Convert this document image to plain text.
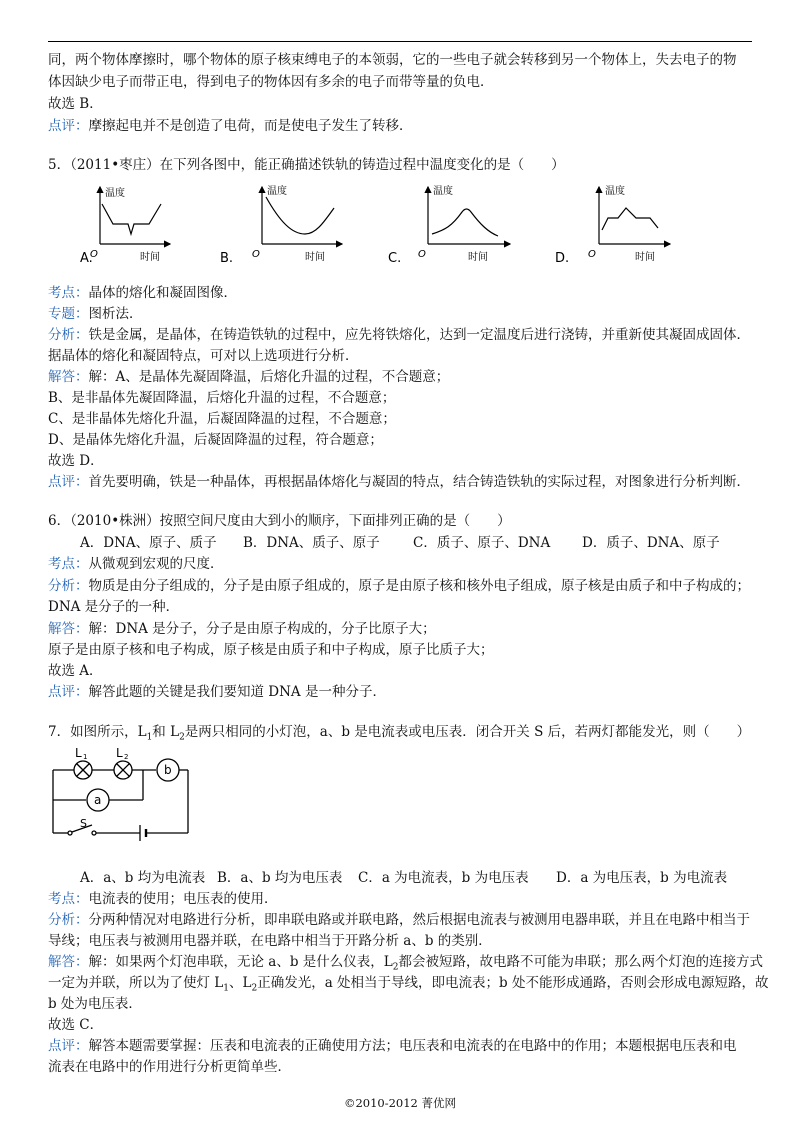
同，两个物体摩擦时，哪个物体的原子核束缚电子的本领弱，它的一些电子就会转移到另一个物体上，失去电子的物
体因缺少电子而带正电，得到电子的物体因有多余的电子而带等量的负电．
故选 B．
点评：摩擦起电并不是创造了电荷，而是使电子发生了转移．
5．（2011•枣庄）在下列各图中，能正确描述铁轨的铸造过程中温度变化的是（　　）
温度
O	时间
A.
温度
O	时间
B.
温度
O	时间
C.
温度
O	时间
D.
考点：晶体的熔化和凝固图像．
专题：图析法．
分析：铁是金属，是晶体，在铸造铁轨的过程中，应先将铁熔化，达到一定温度后进行浇铸，并重新使其凝固成固体．
据晶体的熔化和凝固特点，可对以上选项进行分析．
解答：解：A、是晶体先凝固降温，后熔化升温的过程，不合题意；
B、是非晶体先凝固降温，后熔化升温的过程，不合题意；
C、是非晶体先熔化升温，后凝固降温的过程，不合题意；
D、是晶体先熔化升温，后凝固降温的过程，符合题意；
故选 D．
点评：首先要明确，铁是一种晶体，再根据晶体熔化与凝固的特点，结合铸造铁轨的实际过程，对图象进行分析判断．
6．（2010•株洲）按照空间尺度由大到小的顺序，下面排列正确的是（　　）
A．DNA、原子、质子 B．DNA、质子、原子 C．质子、原子、DNA D．质子、DNA、原子
考点：从微观到宏观的尺度．
分析：物质是由分子组成的，分子是由原子组成的，原子是由原子核和核外电子组成，原子核是由质子和中子构成的；
DNA 是分子的一种．
解答：解：DNA 是分子，分子是由原子构成的，分子比原子大；
原子是由原子核和电子构成，原子核是由质子和中子构成，原子比质子大；
故选 A．
点评：解答此题的关键是我们要知道 DNA 是一种分子．
7．如图所示，$L_1$和 $L_2$是两只相同的小灯泡，a、b 是电流表或电压表．闭合开关 S 后，若两灯都能发光，则（　　）
L 1 L 2
b
a
S
A．a、b 均为电流表 B．a、b 均为电压表 C．a 为电流表，b 为电压表 D．a 为电压表，b 为电流表
考点：电流表的使用；电压表的使用．
分析：分两种情况对电路进行分析，即串联电路或并联电路，然后根据电流表与被测用电器串联，并且在电路中相当于
导线；电压表与被测用电器并联，在电路中相当于开路分析 a、b 的类别．
解答：解：如果两个灯泡串联，无论 a、b 是什么仪表，$L_2$都会被短路，故电路不可能为串联；那么两个灯泡的连接方式
一定为并联，所以为了使灯 $L_1$、$L_2$正确发光，a 处相当于导线，即电流表；b 处不能形成通路，否则会形成电源短路，故
b 处为电压表．
故选 C．
点评：解答本题需要掌握：压表和电流表的正确使用方法；电压表和电流表的在电路中的作用；本题根据电压表和电
流表在电路中的作用进行分析更简单些．
©2010-2012 菁优网
